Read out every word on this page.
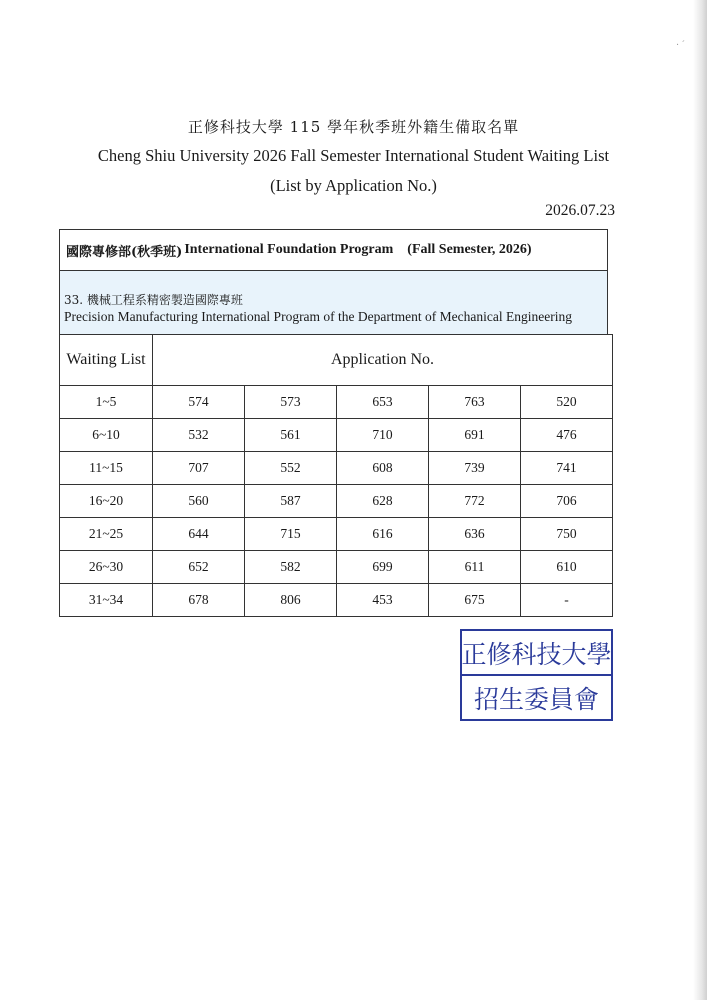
· ´
正修科技大學 115 學年秋季班外籍生備取名單
Cheng Shiu University 2026 Fall Semester International Student Waiting List
(List by Application No.)
2026.07.23
國際專修部(秋季班) International Foundation Program (Fall Semester, 2026)
33. 機械工程系精密製造國際專班
Precision Manufacturing International Program of the Department of Mechanical Engineering
Waiting List	Application No.				
1~5	574	573	653	763	520
6~10	532	561	710	691	476
11~15	707	552	608	739	741
16~20	560	587	628	772	706
21~25	644	715	616	636	750
26~30	652	582	699	611	610
31~34	678	806	453	675	-
正修科技大學
招生委員會
